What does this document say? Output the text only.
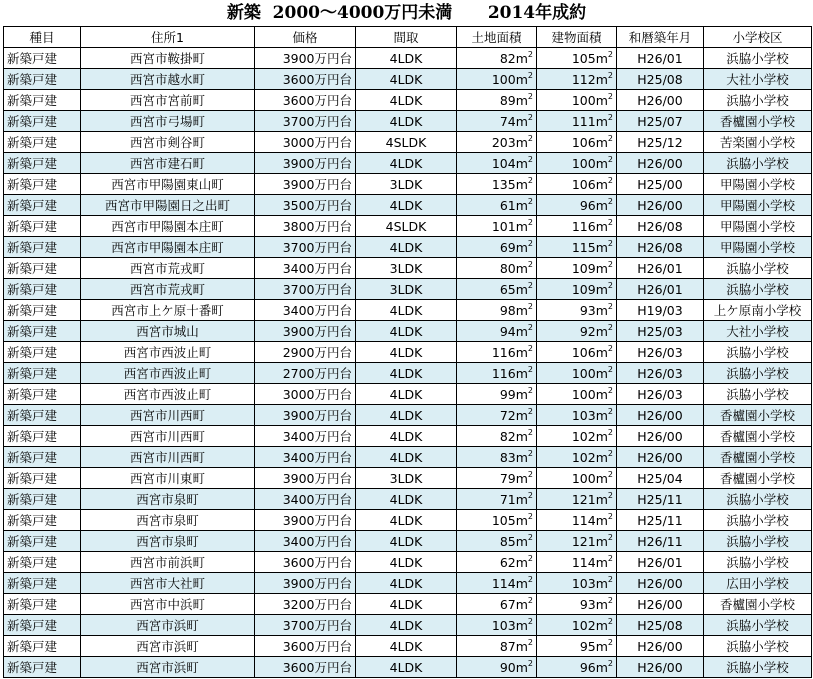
新築  2000～4000万円未満      2014年成約
種目	住所1	価格	間取	土地面積	建物面積	和暦築年月	小学校区
新築戸建	西宮市鞍掛町	3900万円台	4LDK	$82m^2$	$105m^2$	H26/01	浜脇小学校
新築戸建	西宮市越水町	3600万円台	4LDK	$100m^2$	$112m^2$	H25/08	大社小学校
新築戸建	西宮市宮前町	3600万円台	4LDK	$89m^2$	$100m^2$	H26/00	浜脇小学校
新築戸建	西宮市弓場町	3700万円台	4LDK	$74m^2$	$111m^2$	H25/07	香櫨園小学校
新築戸建	西宮市剣谷町	3000万円台	4SLDK	$203m^2$	$106m^2$	H25/12	苦楽園小学校
新築戸建	西宮市建石町	3900万円台	4LDK	$104m^2$	$100m^2$	H26/00	浜脇小学校
新築戸建	西宮市甲陽園東山町	3900万円台	3LDK	$135m^2$	$106m^2$	H25/00	甲陽園小学校
新築戸建	西宮市甲陽園日之出町	3500万円台	4LDK	$61m^2$	$96m^2$	H26/00	甲陽園小学校
新築戸建	西宮市甲陽園本庄町	3800万円台	4SLDK	$101m^2$	$116m^2$	H26/08	甲陽園小学校
新築戸建	西宮市甲陽園本庄町	3700万円台	4LDK	$69m^2$	$115m^2$	H26/08	甲陽園小学校
新築戸建	西宮市荒戎町	3400万円台	3LDK	$80m^2$	$109m^2$	H26/01	浜脇小学校
新築戸建	西宮市荒戎町	3700万円台	3LDK	$65m^2$	$109m^2$	H26/01	浜脇小学校
新築戸建	西宮市上ケ原十番町	3400万円台	4LDK	$98m^2$	$93m^2$	H19/03	上ケ原南小学校
新築戸建	西宮市城山	3900万円台	4LDK	$94m^2$	$92m^2$	H25/03	大社小学校
新築戸建	西宮市西波止町	2900万円台	4LDK	$116m^2$	$106m^2$	H26/03	浜脇小学校
新築戸建	西宮市西波止町	2700万円台	4LDK	$116m^2$	$100m^2$	H26/03	浜脇小学校
新築戸建	西宮市西波止町	3000万円台	4LDK	$99m^2$	$100m^2$	H26/03	浜脇小学校
新築戸建	西宮市川西町	3900万円台	4LDK	$72m^2$	$103m^2$	H26/00	香櫨園小学校
新築戸建	西宮市川西町	3400万円台	4LDK	$82m^2$	$102m^2$	H26/00	香櫨園小学校
新築戸建	西宮市川西町	3400万円台	4LDK	$83m^2$	$102m^2$	H26/00	香櫨園小学校
新築戸建	西宮市川東町	3900万円台	3LDK	$79m^2$	$100m^2$	H25/04	香櫨園小学校
新築戸建	西宮市泉町	3400万円台	4LDK	$71m^2$	$121m^2$	H25/11	浜脇小学校
新築戸建	西宮市泉町	3900万円台	4LDK	$105m^2$	$114m^2$	H25/11	浜脇小学校
新築戸建	西宮市泉町	3400万円台	4LDK	$85m^2$	$121m^2$	H26/11	浜脇小学校
新築戸建	西宮市前浜町	3600万円台	4LDK	$62m^2$	$114m^2$	H26/01	浜脇小学校
新築戸建	西宮市大社町	3900万円台	4LDK	$114m^2$	$103m^2$	H26/00	広田小学校
新築戸建	西宮市中浜町	3200万円台	4LDK	$67m^2$	$93m^2$	H26/00	香櫨園小学校
新築戸建	西宮市浜町	3700万円台	4LDK	$103m^2$	$102m^2$	H25/08	浜脇小学校
新築戸建	西宮市浜町	3600万円台	4LDK	$87m^2$	$95m^2$	H26/00	浜脇小学校
新築戸建	西宮市浜町	3600万円台	4LDK	$90m^2$	$96m^2$	H26/00	浜脇小学校
